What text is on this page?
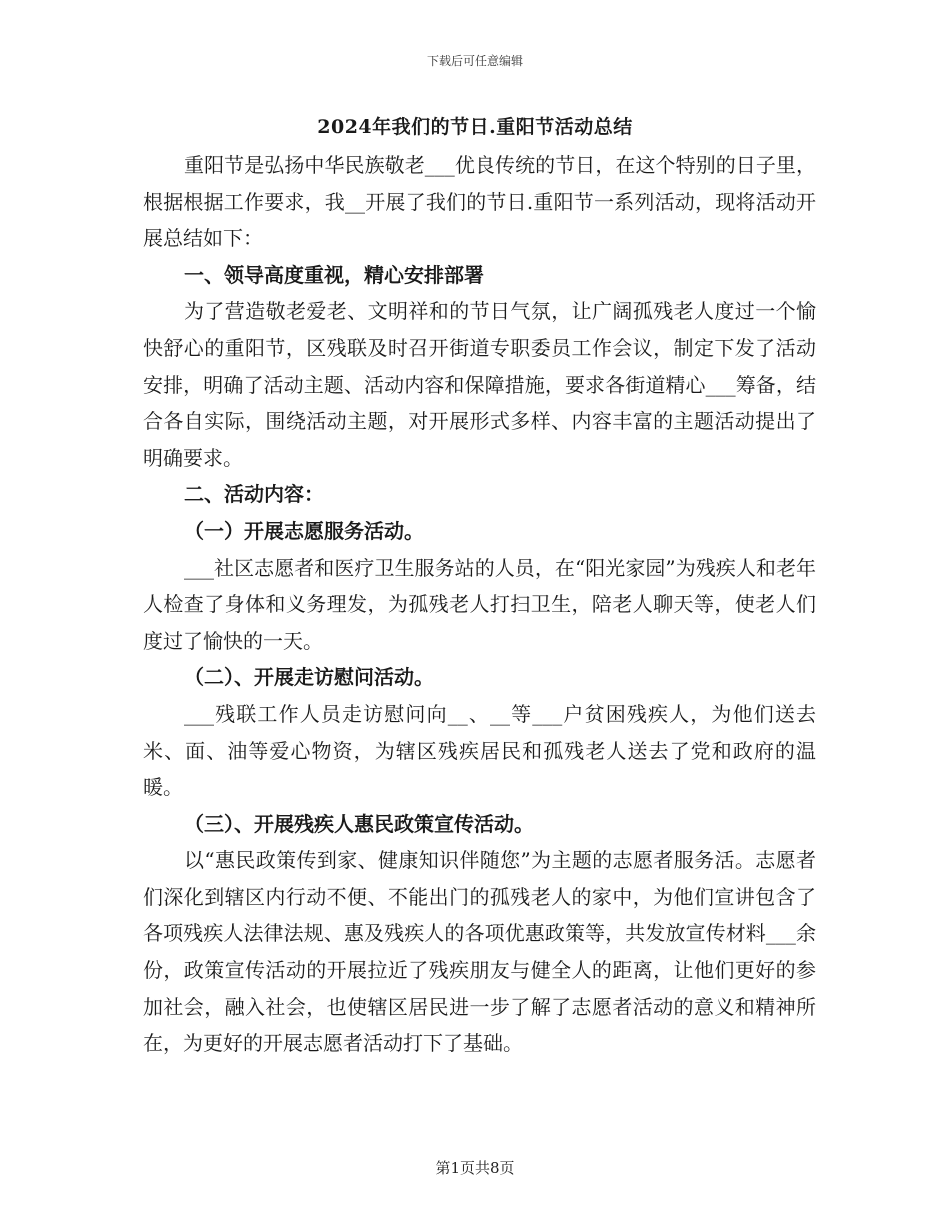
下载后可任意编辑
2024年我们的节日.重阳节活动总结

重阳节是弘扬中华民族敬老___优良传统的节日，在这个特别的日子里，根据根据工作要求，我__开展了我们的节日.重阳节一系列活动，现将活动开展总结如下：

一、领导高度重视，精心安排部署

为了营造敬老爱老、文明祥和的节日气氛，让广阔孤残老人度过一个愉快舒心的重阳节，区残联及时召开街道专职委员工作会议，制定下发了活动安排，明确了活动主题、活动内容和保障措施，要求各街道精心___筹备，结合各自实际，围绕活动主题，对开展形式多样、内容丰富的主题活动提出了明确要求。

二、活动内容：

（一）开展志愿服务活动。

___社区志愿者和医疗卫生服务站的人员，在“阳光家园”为残疾人和老年人检查了身体和义务理发，为孤残老人打扫卫生，陪老人聊天等，使老人们度过了愉快的一天。

（二）、开展走访慰问活动。

___残联工作人员走访慰问向__、__等___户贫困残疾人，为他们送去米、面、油等爱心物资，为辖区残疾居民和孤残老人送去了党和政府的温暖。

（三）、开展残疾人惠民政策宣传活动。

以“惠民政策传到家、健康知识伴随您”为主题的志愿者服务活。志愿者们深化到辖区内行动不便、不能出门的孤残老人的家中，为他们宣讲包含了各项残疾人法律法规、惠及残疾人的各项优惠政策等，共发放宣传材料___余份，政策宣传活动的开展拉近了残疾朋友与健全人的距离，让他们更好的参加社会，融入社会，也使辖区居民进一步了解了志愿者活动的意义和精神所在，为更好的开展志愿者活动打下了基础。

第1页共8页
